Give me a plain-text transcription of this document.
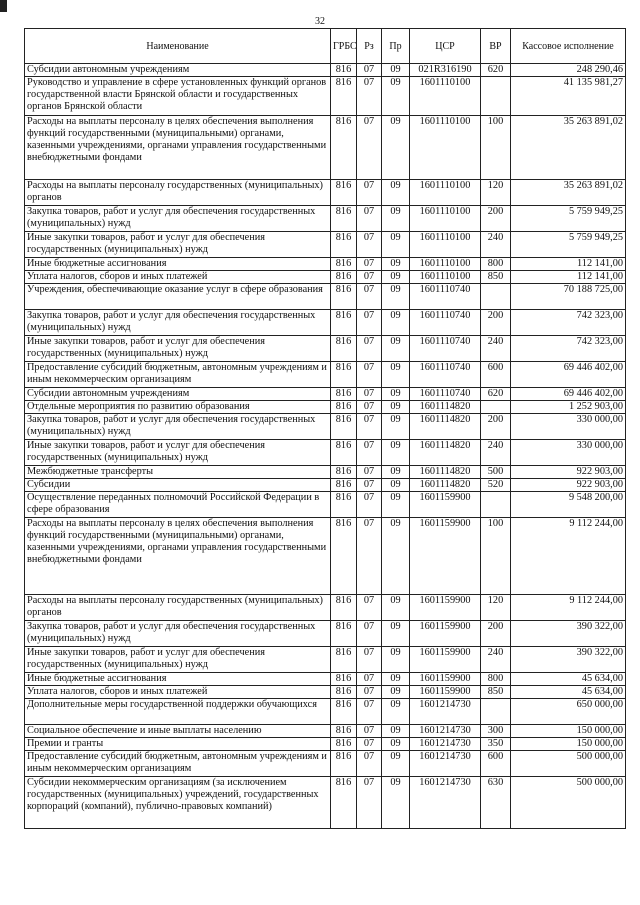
32
Наименование	ГРБС	Рз	Пр	ЦСР	ВР	Кассовое исполнение
Субсидии автономным учреждениям	816	07	09	021R316190	620	248 290,46
Руководство и управление в сфере установленных функций органов государственной власти Брянской области и государственных органов Брянской области	816	07	09	1601110100		41 135 981,27
Расходы на выплаты персоналу в целях обеспечения выполнения функций государственными (муниципальными) органами, казенными учреждениями, органами управления государственными внебюджетными фондами	816	07	09	1601110100	100	35 263 891,02
Расходы на выплаты персоналу государственных (муниципальных) органов	816	07	09	1601110100	120	35 263 891,02
Закупка товаров, работ и услуг для обеспечения государственных (муниципальных) нужд	816	07	09	1601110100	200	5 759 949,25
Иные закупки товаров, работ и услуг для обеспечения государственных (муниципальных) нужд	816	07	09	1601110100	240	5 759 949,25
Иные бюджетные ассигнования	816	07	09	1601110100	800	112 141,00
Уплата налогов, сборов и иных платежей	816	07	09	1601110100	850	112 141,00
Учреждения, обеспечивающие оказание услуг в сфере образования	816	07	09	1601110740		70 188 725,00
Закупка товаров, работ и услуг для обеспечения государственных (муниципальных) нужд	816	07	09	1601110740	200	742 323,00
Иные закупки товаров, работ и услуг для обеспечения государственных (муниципальных) нужд	816	07	09	1601110740	240	742 323,00
Предоставление субсидий бюджетным, автономным учреждениям и иным некоммерческим организациям	816	07	09	1601110740	600	69 446 402,00
Субсидии автономным учреждениям	816	07	09	1601110740	620	69 446 402,00
Отдельные мероприятия по развитию образования	816	07	09	1601114820		1 252 903,00
Закупка товаров, работ и услуг для обеспечения государственных (муниципальных) нужд	816	07	09	1601114820	200	330 000,00
Иные закупки товаров, работ и услуг для обеспечения государственных (муниципальных) нужд	816	07	09	1601114820	240	330 000,00
Межбюджетные трансферты	816	07	09	1601114820	500	922 903,00
Субсидии	816	07	09	1601114820	520	922 903,00
Осуществление переданных полномочий Российской Федерации в сфере образования	816	07	09	1601159900		9 548 200,00
Расходы на выплаты персоналу в целях обеспечения выполнения функций государственными (муниципальными) органами, казенными учреждениями, органами управления государственными внебюджетными фондами	816	07	09	1601159900	100	9 112 244,00
Расходы на выплаты персоналу государственных (муниципальных) органов	816	07	09	1601159900	120	9 112 244,00
Закупка товаров, работ и услуг для обеспечения государственных (муниципальных) нужд	816	07	09	1601159900	200	390 322,00
Иные закупки товаров, работ и услуг для обеспечения государственных (муниципальных) нужд	816	07	09	1601159900	240	390 322,00
Иные бюджетные ассигнования	816	07	09	1601159900	800	45 634,00
Уплата налогов, сборов и иных платежей	816	07	09	1601159900	850	45 634,00
Дополнительные меры государственной поддержки обучающихся	816	07	09	1601214730		650 000,00
Социальное обеспечение и иные выплаты населению	816	07	09	1601214730	300	150 000,00
Премии и гранты	816	07	09	1601214730	350	150 000,00
Предоставление субсидий бюджетным, автономным учреждениям и иным некоммерческим организациям	816	07	09	1601214730	600	500 000,00
Субсидии некоммерческим организациям (за исключением государственных (муниципальных) учреждений, государственных корпораций (компаний), публично-правовых компаний)	816	07	09	1601214730	630	500 000,00
